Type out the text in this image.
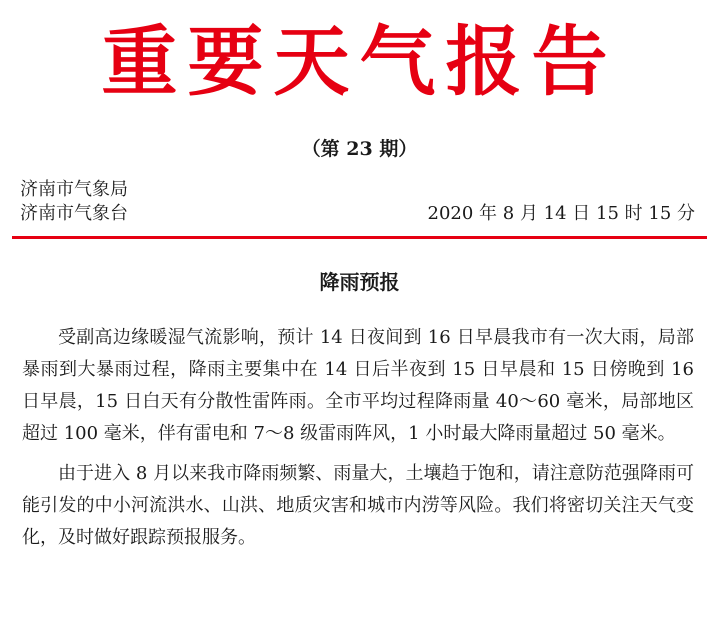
重要天气报告
（第 23 期）
济南市气象局
济南市气象台	2020 年 8 月 14 日 15 时 15 分
降雨预报

受副高边缘暖湿气流影响，预计 14 日夜间到 16 日早晨我市有一次大雨，局部暴雨到大暴雨过程，降雨主要集中在 14 日后半夜到 15 日早晨和 15 日傍晚到 16 日早晨，15 日白天有分散性雷阵雨。全市平均过程降雨量 40～60 毫米，局部地区超过 100 毫米，伴有雷电和 7～8 级雷雨阵风，1 小时最大降雨量超过 50 毫米。

由于进入 8 月以来我市降雨频繁、雨量大，土壤趋于饱和，请注意防范强降雨可能引发的中小河流洪水、山洪、地质灾害和城市内涝等风险。我们将密切关注天气变化，及时做好跟踪预报服务。
